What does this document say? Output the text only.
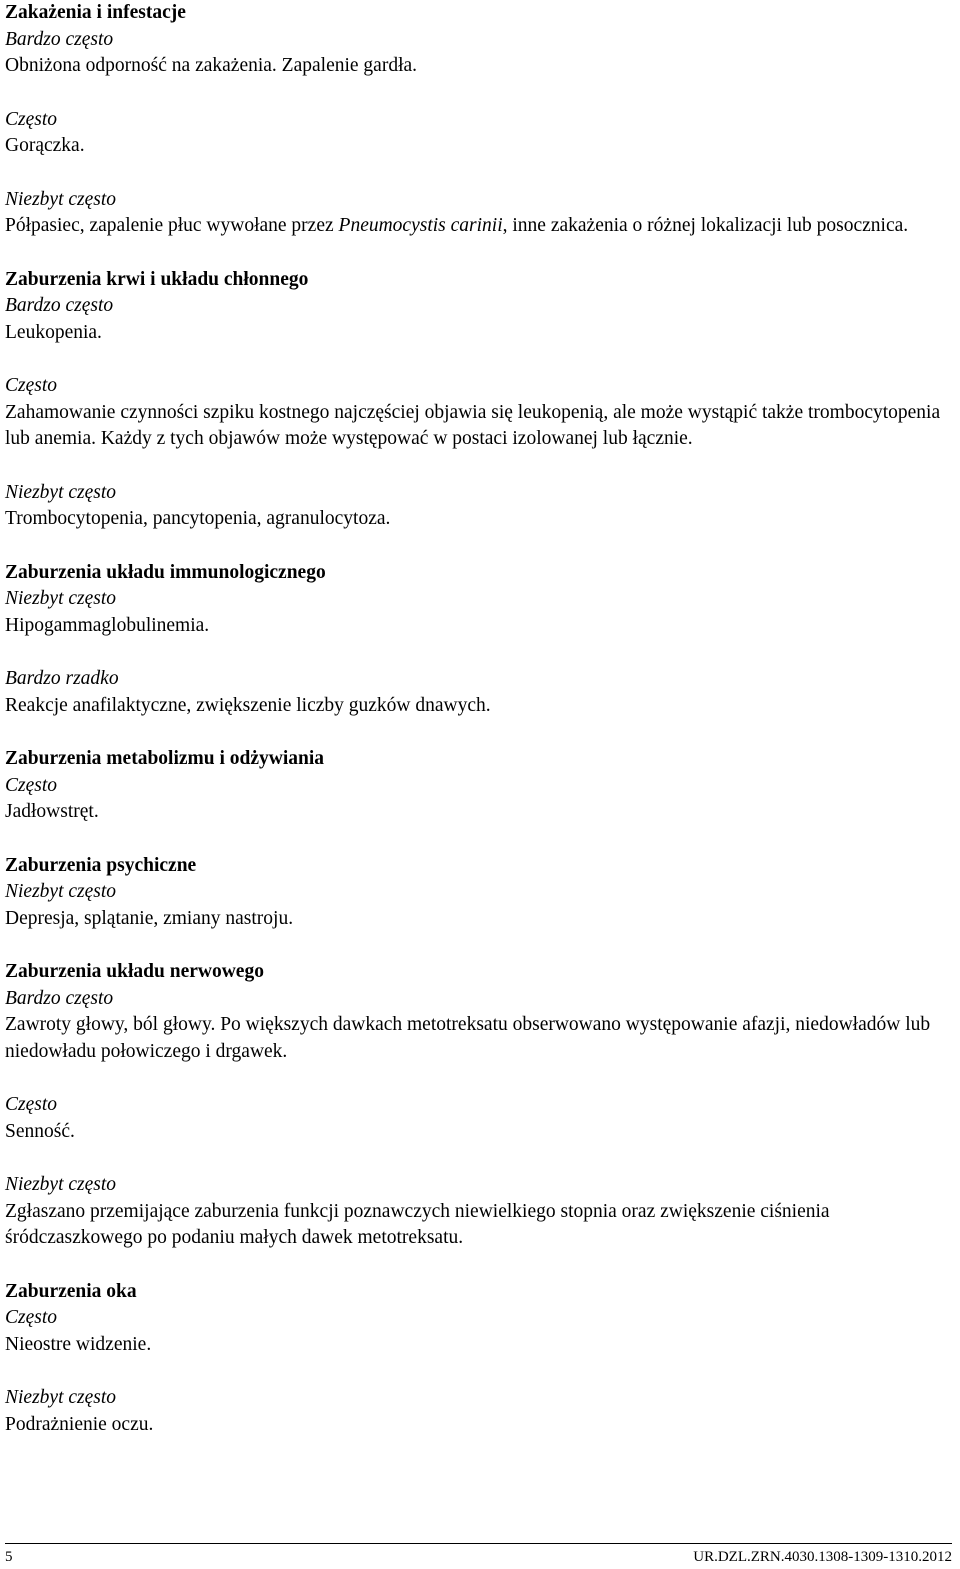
Zakażenia i infestacje

Bardzo często

Obniżona odporność na zakażenia. Zapalenie gardła.

Często

Gorączka.

Niezbyt często

Półpasiec, zapalenie płuc wywołane przez Pneumocystis carinii, inne zakażenia o różnej lokalizacji lub posocznica.

Zaburzenia krwi i układu chłonnego

Bardzo często

Leukopenia.

Często

Zahamowanie czynności szpiku kostnego najczęściej objawia się leukopenią, ale może wystąpić także trombocytopenia lub anemia. Każdy z tych objawów może występować w postaci izolowanej lub łącznie.

Niezbyt często

Trombocytopenia, pancytopenia, agranulocytoza.

Zaburzenia układu immunologicznego

Niezbyt często

Hipogammaglobulinemia.

Bardzo rzadko

Reakcje anafilaktyczne, zwiększenie liczby guzków dnawych.

Zaburzenia metabolizmu i odżywiania

Często

Jadłowstręt.

Zaburzenia psychiczne

Niezbyt często

Depresja, splątanie, zmiany nastroju.

Zaburzenia układu nerwowego

Bardzo często

Zawroty głowy, ból głowy. Po większych dawkach metotreksatu obserwowano występowanie afazji, niedowładów lub niedowładu połowiczego i drgawek.

Często

Senność.

Niezbyt często

Zgłaszano przemijające zaburzenia funkcji poznawczych niewielkiego stopnia oraz zwiększenie ciśnienia śródczaszkowego po podaniu małych dawek metotreksatu.

Zaburzenia oka

Często

Nieostre widzenie.

Niezbyt często

Podrażnienie oczu.

5	UR.DZL.ZRN.4030.1308-1309-1310.2012
